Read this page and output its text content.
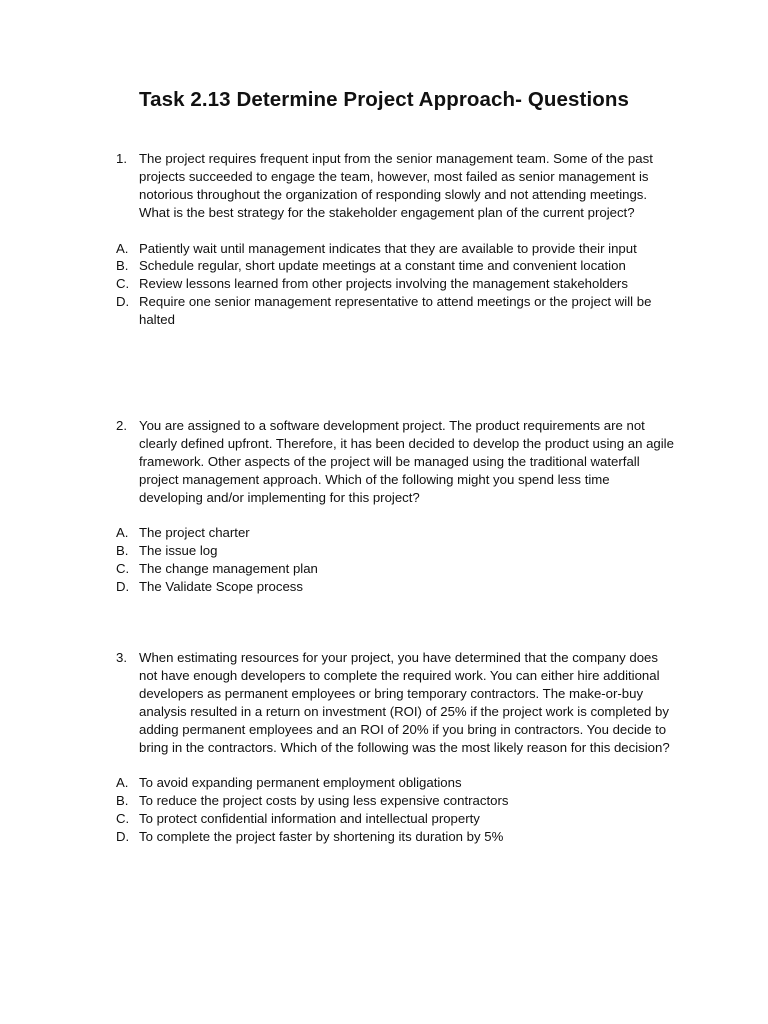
Task 2.13 Determine Project Approach- Questions
1. The project requires frequent input from the senior management team. Some of the past projects succeeded to engage the team, however, most failed as senior management is notorious throughout the organization of responding slowly and not attending meetings. What is the best strategy for the stakeholder engagement plan of the current project?
A. Patiently wait until management indicates that they are available to provide their input
B. Schedule regular, short update meetings at a constant time and convenient location
C. Review lessons learned from other projects involving the management stakeholders
D. Require one senior management representative to attend meetings or the project will be halted
2. You are assigned to a software development project. The product requirements are not clearly defined upfront. Therefore, it has been decided to develop the product using an agile framework. Other aspects of the project will be managed using the traditional waterfall project management approach. Which of the following might you spend less time developing and/or implementing for this project?
A. The project charter
B. The issue log
C. The change management plan
D. The Validate Scope process
3. When estimating resources for your project, you have determined that the company does not have enough developers to complete the required work. You can either hire additional developers as permanent employees or bring temporary contractors. The make-or-buy analysis resulted in a return on investment (ROI) of 25% if the project work is completed by adding permanent employees and an ROI of 20% if you bring in contractors. You decide to bring in the contractors. Which of the following was the most likely reason for this decision?
A. To avoid expanding permanent employment obligations
B. To reduce the project costs by using less expensive contractors
C. To protect confidential information and intellectual property
D. To complete the project faster by shortening its duration by 5%
